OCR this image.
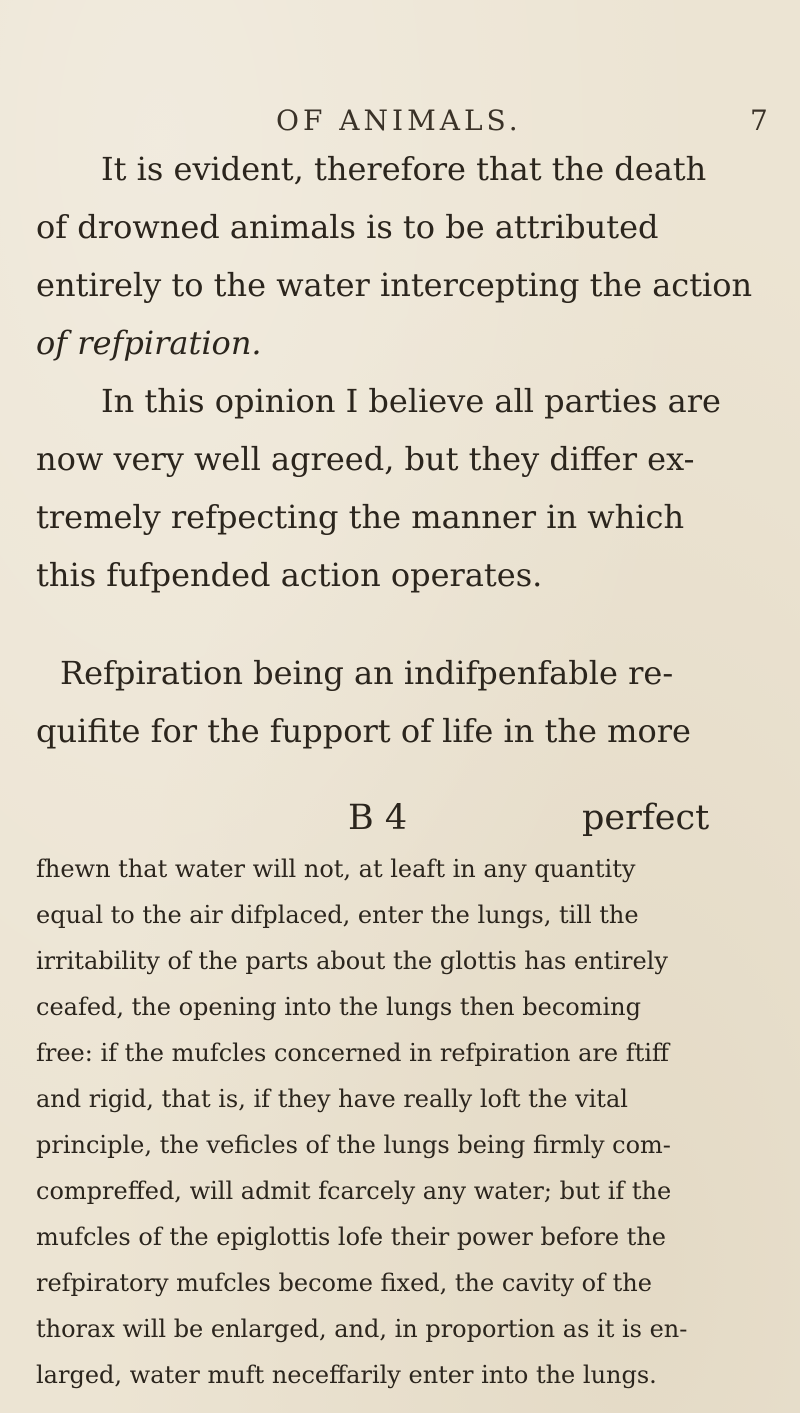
OF ANIMALS.	7
It is evident, therefore that the death
of drowned animals is to be attributed
entirely to the water intercepting the action
of refpiration.
In this opinion I believe all parties are
now very well agreed, but they differ ex-
tremely refpecting the manner in which
this fufpended action operates.
Refpiration being an indifpenfable re-
quifite for the fupport of life in the more
B 4	perfect
fhewn that water will not, at leaft in any quantity
equal to the air difplaced, enter the lungs, till the
irritability of the parts about the glottis has entirely
ceafed, the opening into the lungs then becoming
free: if the mufcles concerned in refpiration are ftiff
and rigid, that is, if they have really loft the vital
principle, the veficles of the lungs being firmly com-
compreffed, will admit fcarcely any water; but if the
mufcles of the epiglottis lofe their power before the
refpiratory mufcles become fixed, the cavity of the
thorax will be enlarged, and, in proportion as it is en-
larged, water muft neceffarily enter into the lungs.
